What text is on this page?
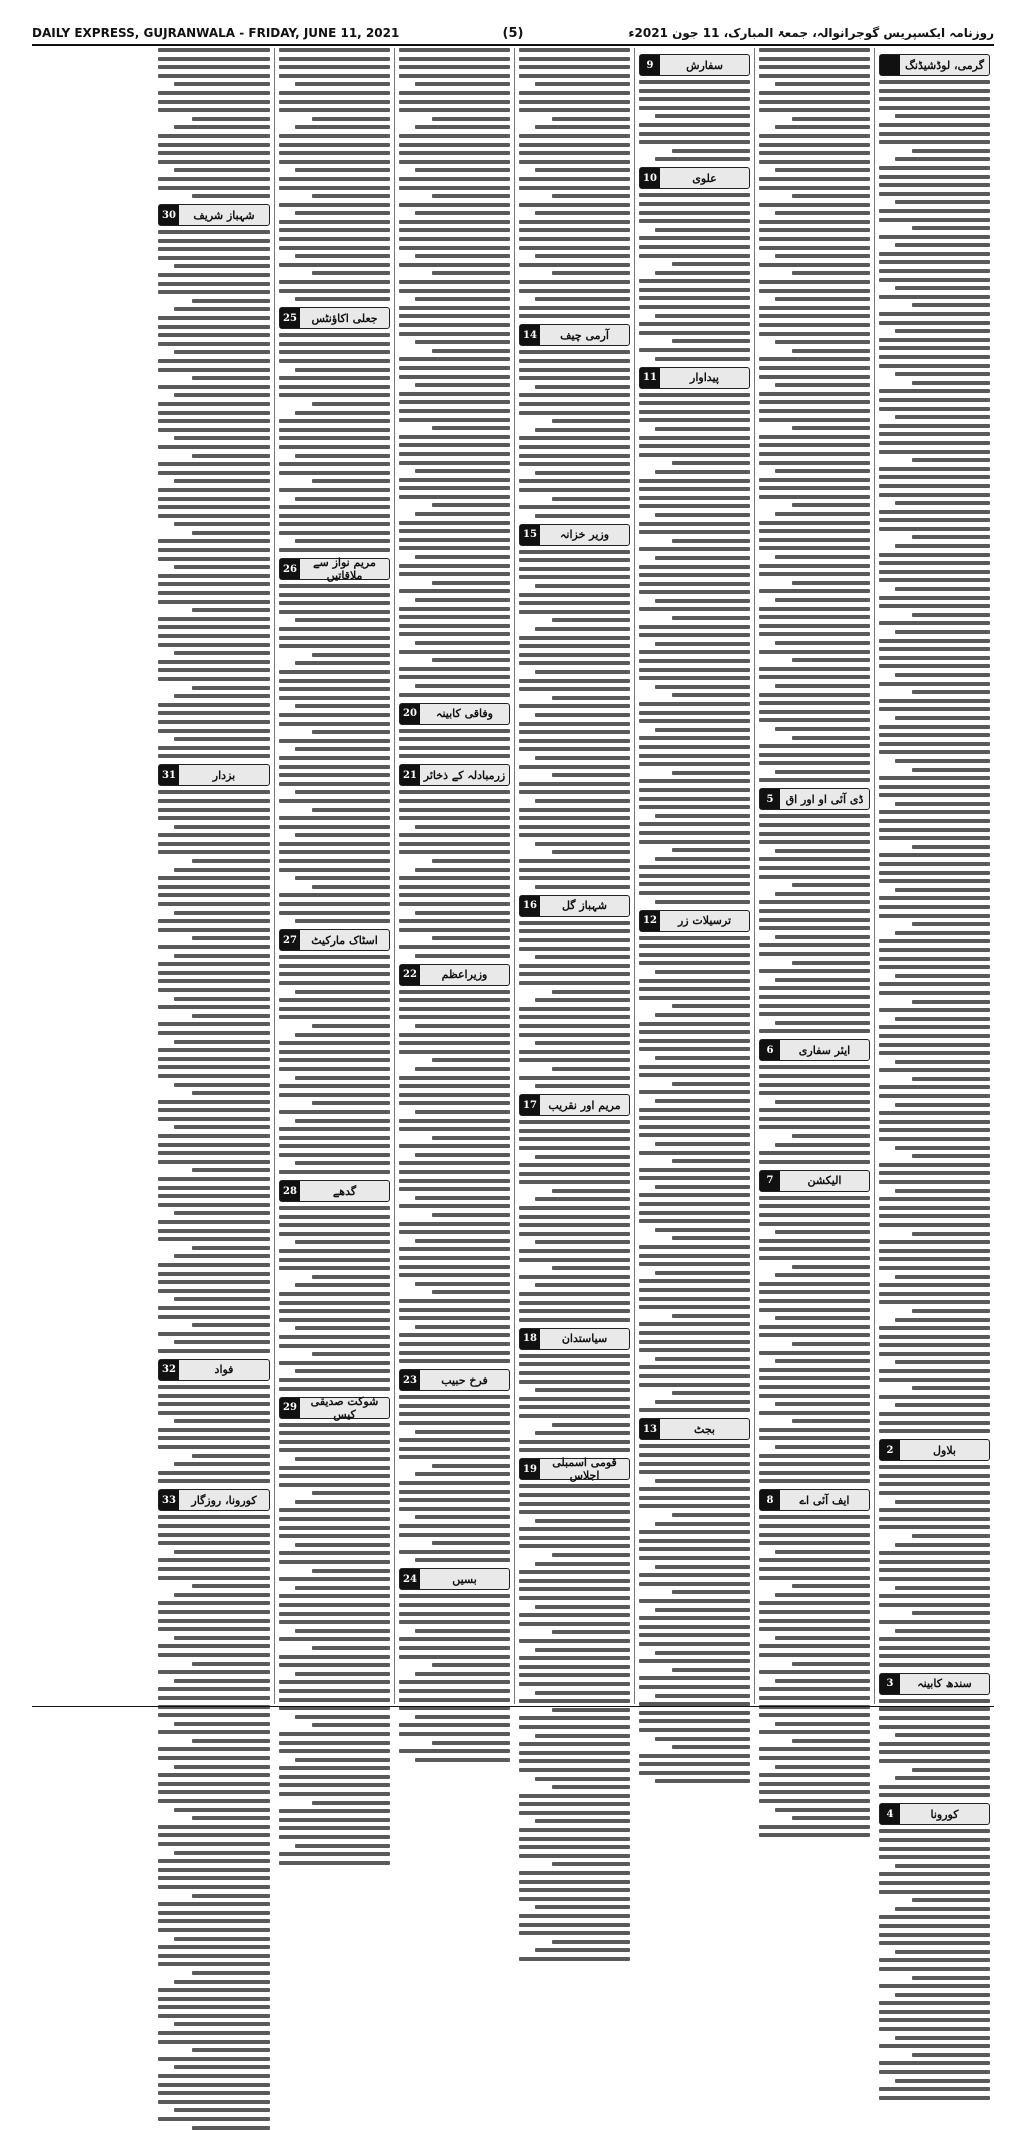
DAILY EXPRESS, GUJRANWALA - FRIDAY, JUNE 11, 2021	(5)	روزنامہ ایکسپریس گوجرانوالہ، جمعۃ المبارک، 11 جون 2021ء
گرمی، لوڈشیڈنگ
بلاول
2
سندھ کابینہ
3
کورونا
4
ڈی آئی او اور اق
5
ایئر سفاری
6
الیکشن
7
ایف آئی اے
8
سفارش
9
علوی
10
پیداوار
11
ترسیلات زر
12
بجٹ
13
آرمی چیف
14
وزیر خزانہ
15
شہباز گل
16
مریم اور نقریب
17
سیاستدان
18
قومی اسمبلی اجلاس
19
وفاقی کابینہ
20
زرمبادلہ کے ذخائر
21
وزیراعظم
22
فرخ حبیب
23
بسیں
24
جعلی اکاؤنٹس
25
مریم نواز سے ملاقاتیں
26
اسٹاک مارکیٹ
27
گدھے
28
شوکت صدیقی کیس
29
شہباز شریف
30
بزدار
31
فواد
32
کورونا، روزگار
33
